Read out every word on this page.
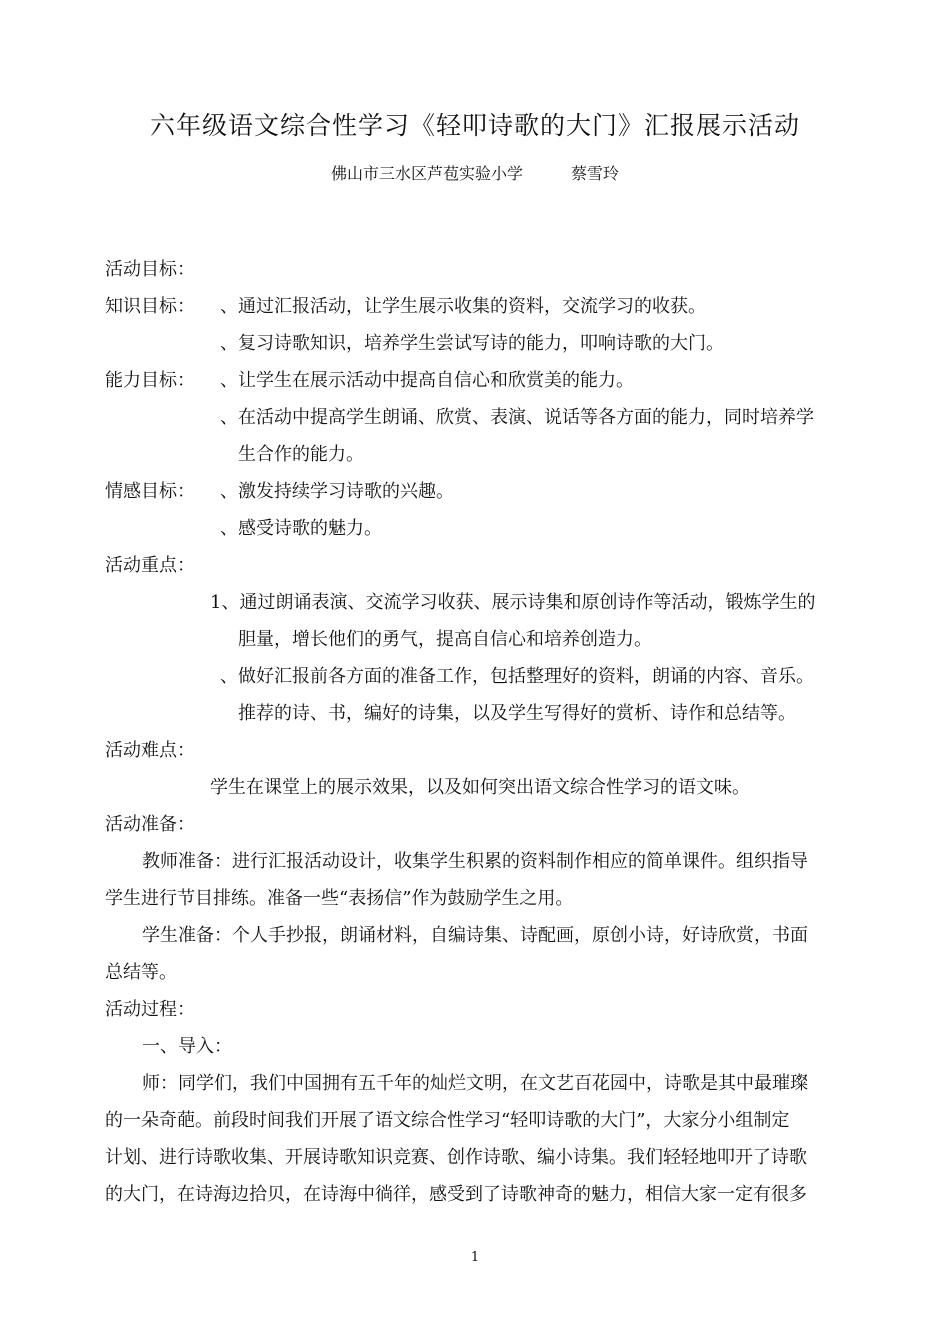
六年级语文综合性学习《轻叩诗歌的大门》汇报展示活动
佛山市三水区芦苞实验小学	蔡雪玲
活动目标：
知识目标： 、通过汇报活动，让学生展示收集的资料，交流学习的收获。
、复习诗歌知识，培养学生尝试写诗的能力，叩响诗歌的大门。
能力目标： 、让学生在展示活动中提高自信心和欣赏美的能力。
、在活动中提高学生朗诵、欣赏、表演、说话等各方面的能力，同时培养学
生合作的能力。
情感目标： 、激发持续学习诗歌的兴趣。
、感受诗歌的魅力。
活动重点：
1、通过朗诵表演、交流学习收获、展示诗集和原创诗作等活动，锻炼学生的
胆量，增长他们的勇气，提高自信心和培养创造力。
、做好汇报前各方面的准备工作，包括整理好的资料，朗诵的内容、音乐。
推荐的诗、书，编好的诗集，以及学生写得好的赏析、诗作和总结等。
活动难点：
学生在课堂上的展示效果，以及如何突出语文综合性学习的语文味。
活动准备：
教师准备：进行汇报活动设计，收集学生积累的资料制作相应的简单课件。组织指导
学生进行节目排练。准备一些“表扬信”作为鼓励学生之用。
学生准备：个人手抄报，朗诵材料，自编诗集、诗配画，原创小诗，好诗欣赏，书面
总结等。
活动过程：
一、导入：
师：同学们，我们中国拥有五千年的灿烂文明，在文艺百花园中，诗歌是其中最璀璨
的一朵奇葩。前段时间我们开展了语文综合性学习“轻叩诗歌的大门”，大家分小组制定
计划、进行诗歌收集、开展诗歌知识竞赛、创作诗歌、编小诗集。我们轻轻地叩开了诗歌
的大门，在诗海边拾贝，在诗海中徜徉，感受到了诗歌神奇的魅力，相信大家一定有很多
1
